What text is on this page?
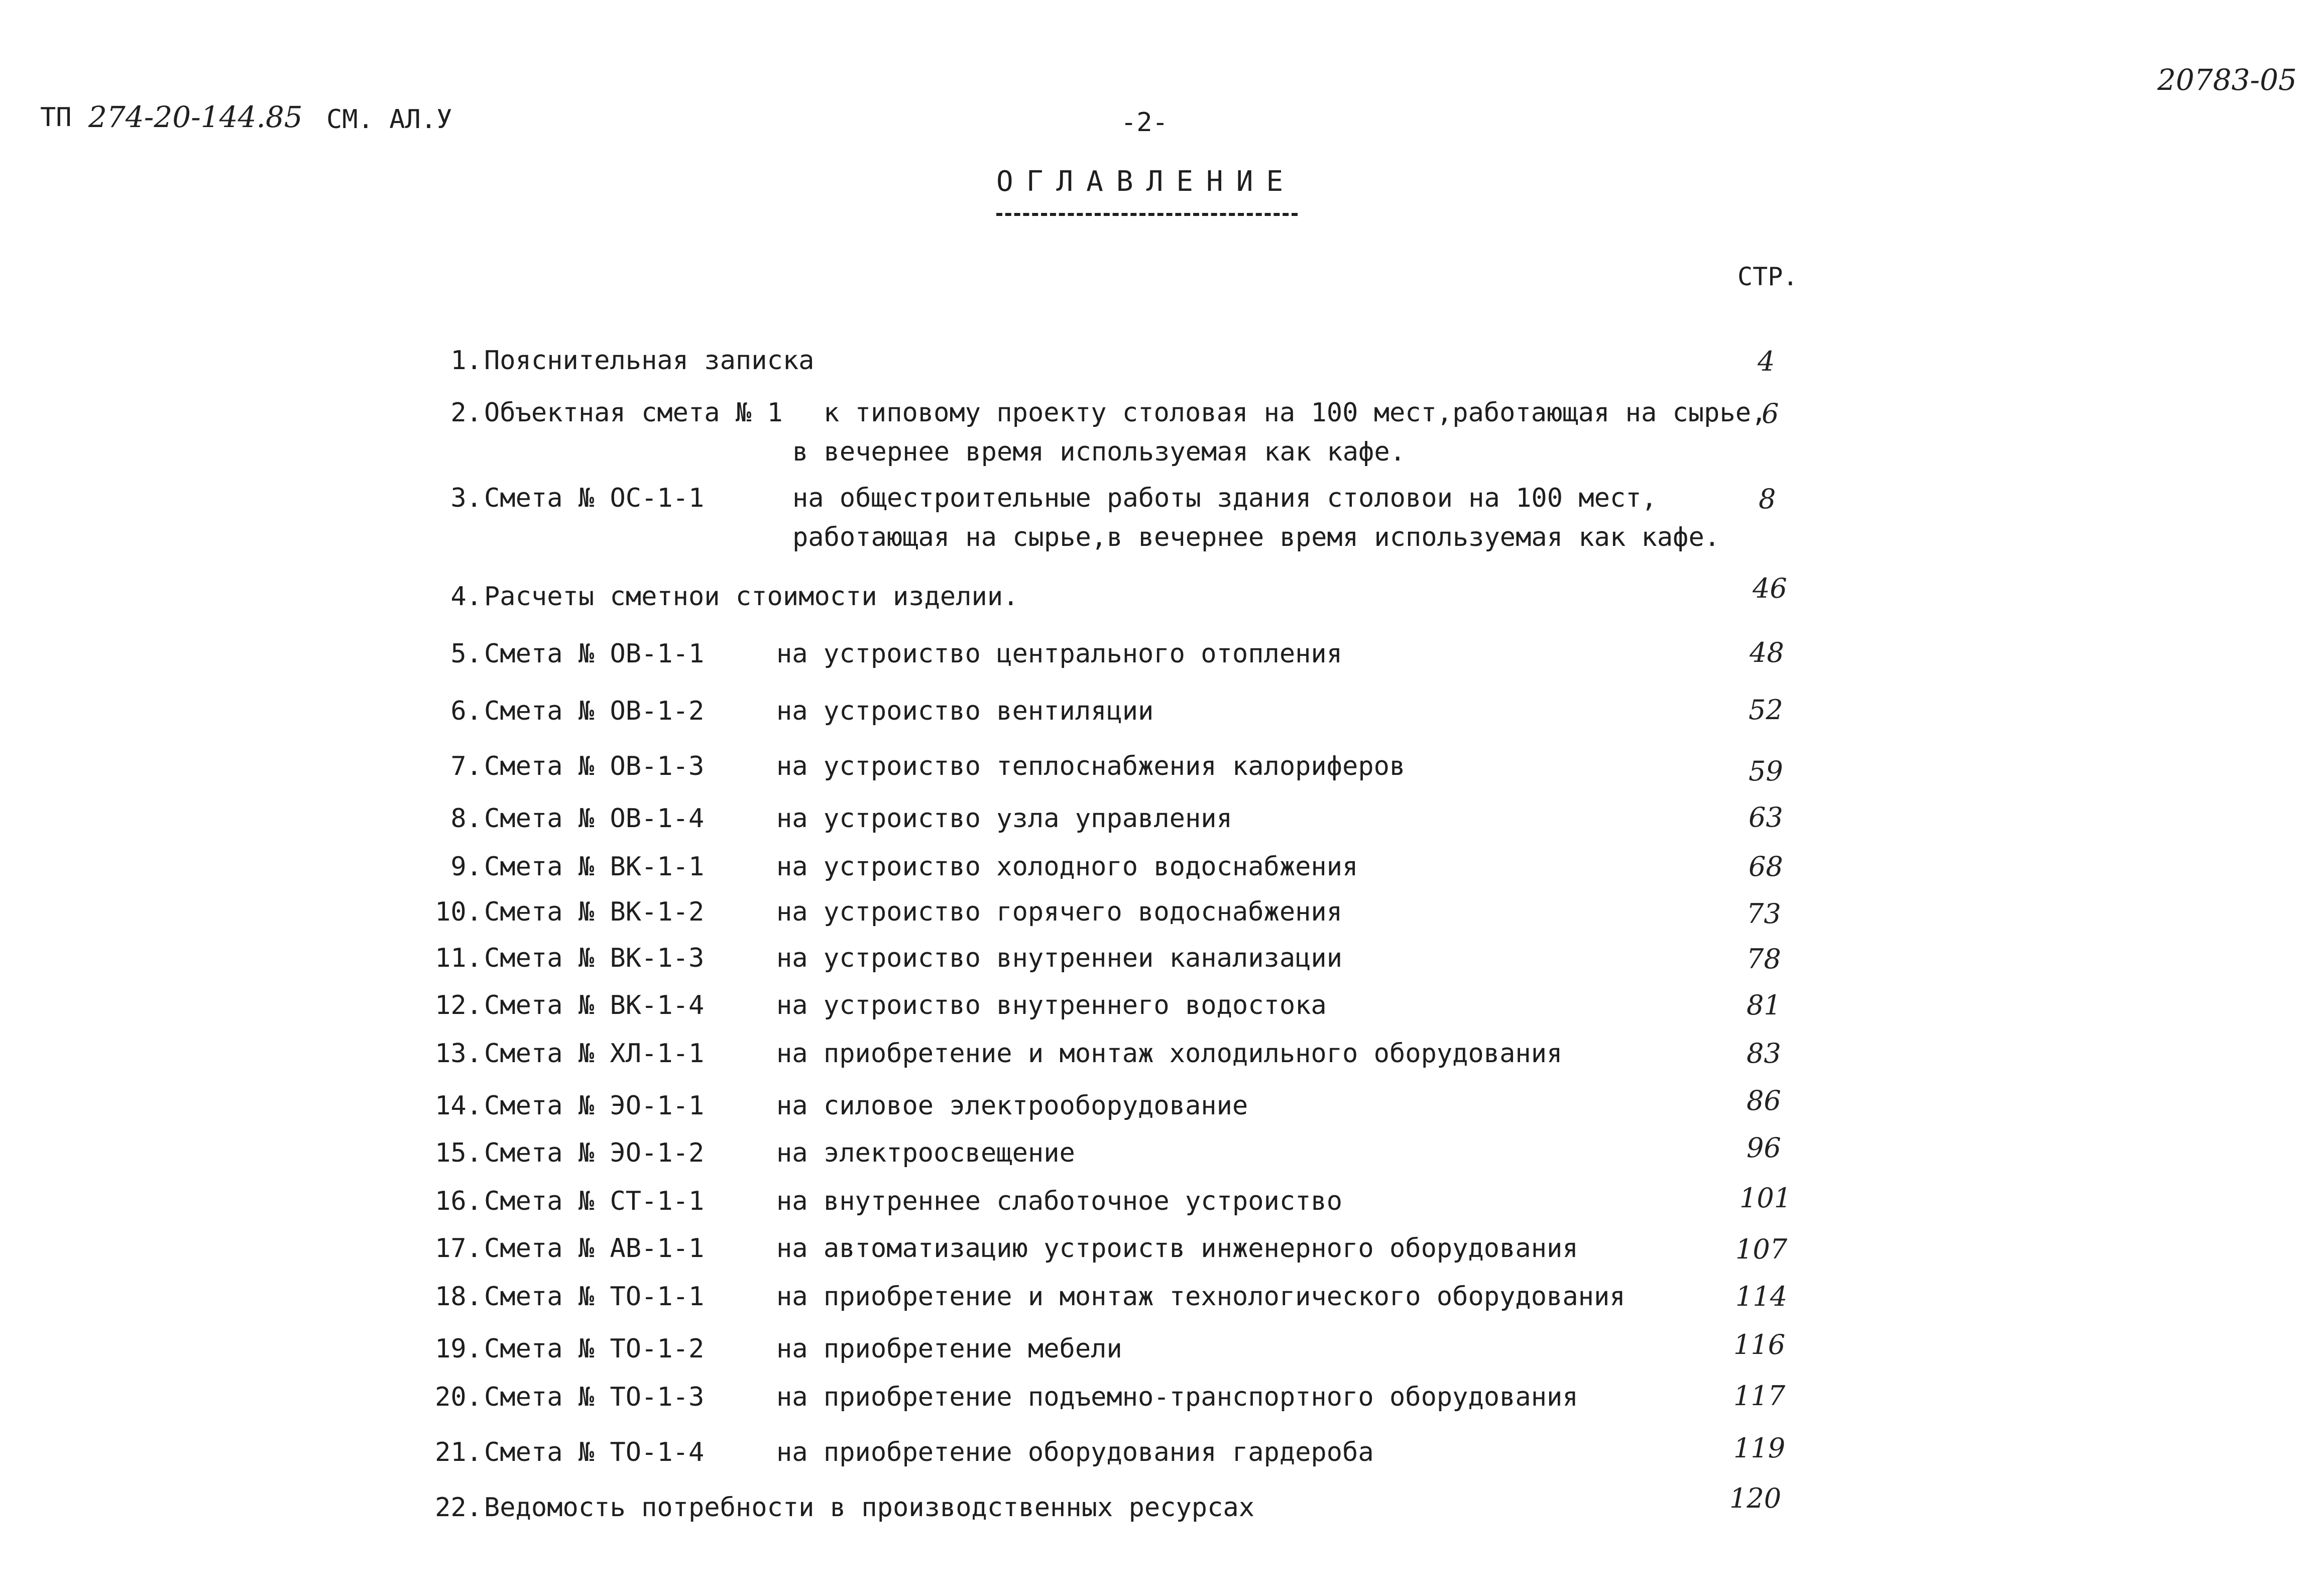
ТП 274-20-144.85 СМ. АЛ.У
20783-05
-2-
ОГЛАВЛЕНИЕ
СТР.
1. Пояснительная записка	4
2. Объектная смета № 1 к типовому проекту столовая на 100 мест,работающая на сырье,
в вечернее время используемая как кафе.
6
3. Смета № ОС-1-1	на общестроительные работы здания столовои на 100 мест,
работающая на сырье,в вечернее время используемая как кафе.
8
4. Расчеты сметнои стоимости изделии.	46
5. Смета № ОВ-1-1	на устроиство центрального отопления	48
6. Смета № ОВ-1-2	на устроиство вентиляции	52
7. Смета № ОВ-1-3	на устроиство теплоснабжения калориферов	59
8. Смета № ОВ-1-4	на устроиство узла управления	63
9. Смета № ВК-1-1	на устроиство холодного водоснабжения	68
10. Смета № ВК-1-2	на устроиство горячего водоснабжения	73
11. Смета № ВК-1-3	на устроиство внутреннеи канализации	78
12. Смета № ВК-1-4	на устроиство внутреннего водостока	81
13. Смета № ХЛ-1-1	на приобретение и монтаж холодильного оборудования	83
14. Смета № ЭО-1-1	на силовое электрооборудование	86
15. Смета № ЭО-1-2	на электроосвещение	96
16. Смета № СТ-1-1	на внутреннее слаботочное устроиство	101
17. Смета № АВ-1-1	на автоматизацию устроиств инженерного оборудования	107
18. Смета № ТО-1-1	на приобретение и монтаж технологического оборудования	114
19. Смета № ТО-1-2	на приобретение мебели	116
20. Смета № ТО-1-3	на приобретение подъемно-транспортного оборудования	117
21. Смета № ТО-1-4	на приобретение оборудования гардероба	119
22. Ведомость потребности в производственных ресурсах	120
